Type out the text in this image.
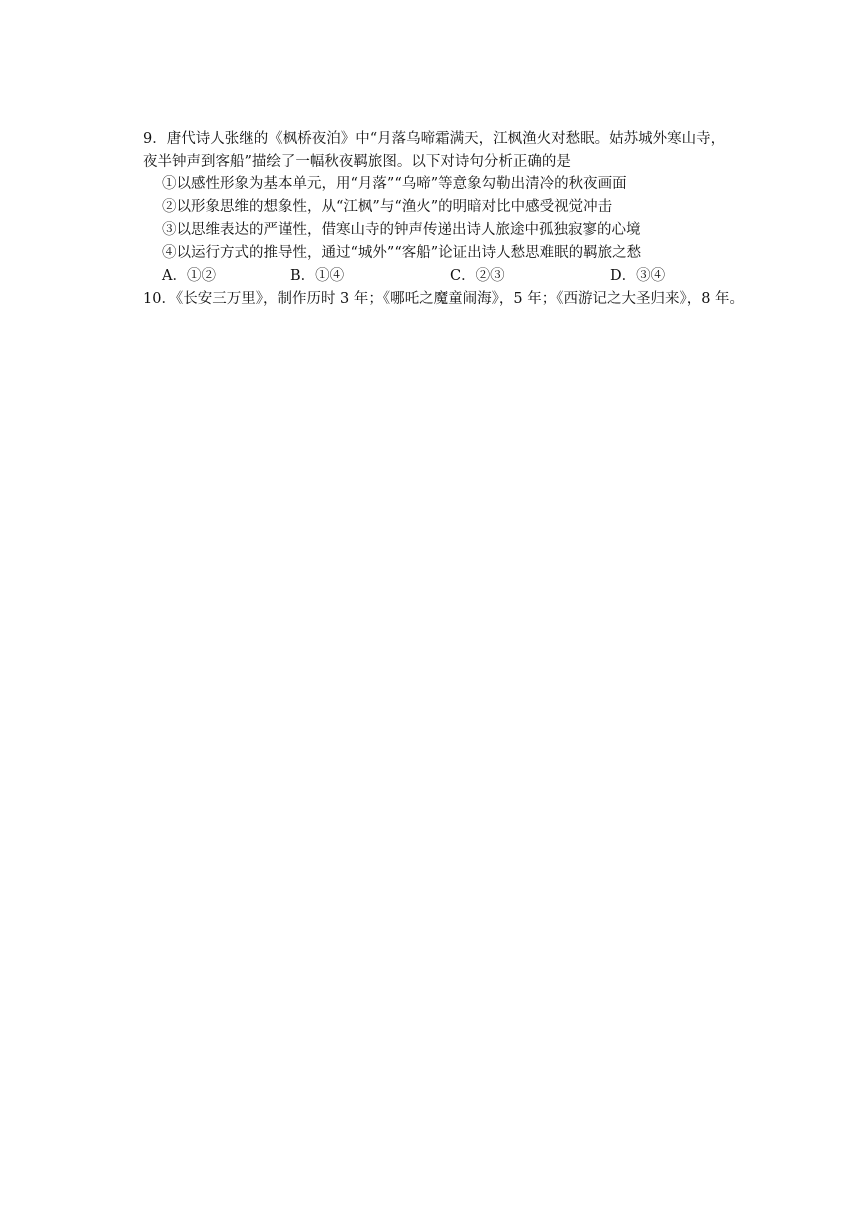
9．唐代诗人张继的《枫桥夜泊》中“月落乌啼霜满天，江枫渔火对愁眠。姑苏城外寒山寺，
夜半钟声到客船”描绘了一幅秋夜羁旅图。以下对诗句分析正确的是
①以感性形象为基本单元，用“月落”“乌啼”等意象勾勒出清冷的秋夜画面
②以形象思维的想象性，从“江枫”与“渔火”的明暗对比中感受视觉冲击
③以思维表达的严谨性，借寒山寺的钟声传递出诗人旅途中孤独寂寥的心境
④以运行方式的推导性，通过“城外”“客船”论证出诗人愁思难眠的羁旅之愁
A．①②	B．①④	C．②③	D．③④
10．《长安三万里》，制作历时 3 年；《哪吒之魔童闹海》，5 年；《西游记之大圣归来》，8 年。
